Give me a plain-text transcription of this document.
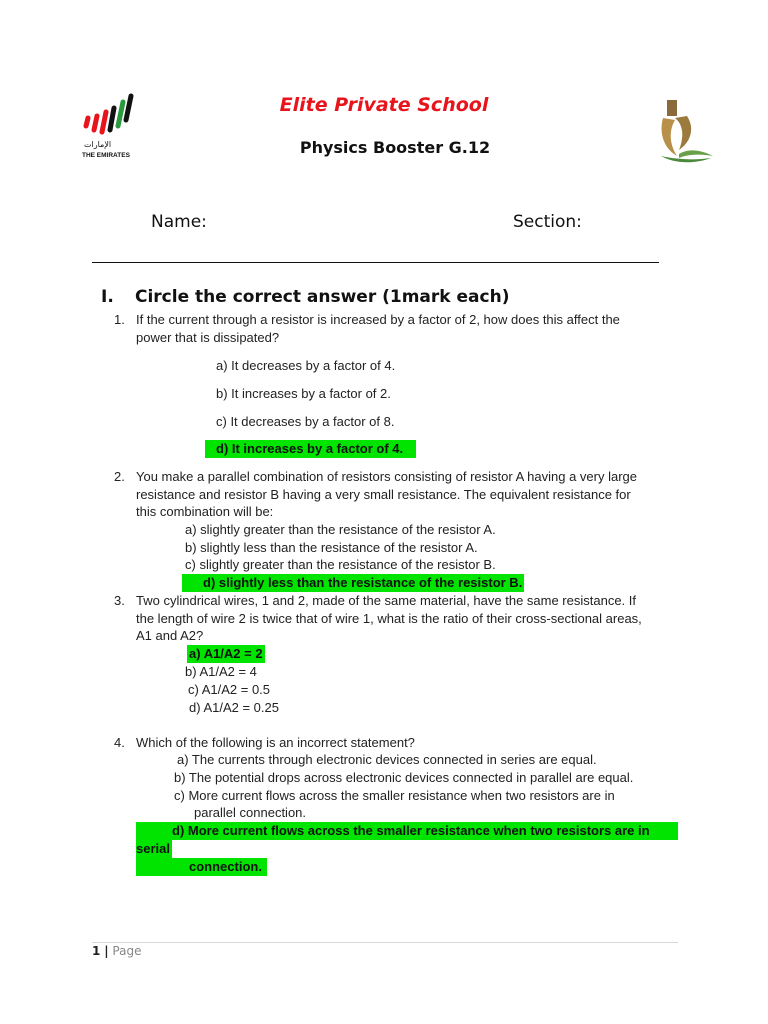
الإمارات
THE EMIRATES
Elite Private School
Physics Booster G.12
Name:	Section:
I. Circle the correct answer (1mark each)
1. If the current through a resistor is increased by a factor of 2, how does this affect the
power that is dissipated?
a) It decreases by a factor of 4.
b) It increases by a factor of 2.
c) It decreases by a factor of 8.
d) It increases by a factor of 4.
2. You make a parallel combination of resistors consisting of resistor A having a very large
resistance and resistor B having a very small resistance. The equivalent resistance for
this combination will be:
a) slightly greater than the resistance of the resistor A.
b) slightly less than the resistance of the resistor A.
c) slightly greater than the resistance of the resistor B.
d) slightly less than the resistance of the resistor B.
3. Two cylindrical wires, 1 and 2, made of the same material, have the same resistance. If
the length of wire 2 is twice that of wire 1, what is the ratio of their cross-sectional areas,
A1 and A2?
a) A1/A2 = 2
b) A1/A2 = 4
c) A1/A2 = 0.5
d) A1/A2 = 0.25
4. Which of the following is an incorrect statement?
a) The currents through electronic devices connected in series are equal.
b) The potential drops across electronic devices connected in parallel are equal.
c) More current flows across the smaller resistance when two resistors are in
parallel connection.
d) More current flows across the smaller resistance when two resistors are in
serial
connection.
1 | Page
